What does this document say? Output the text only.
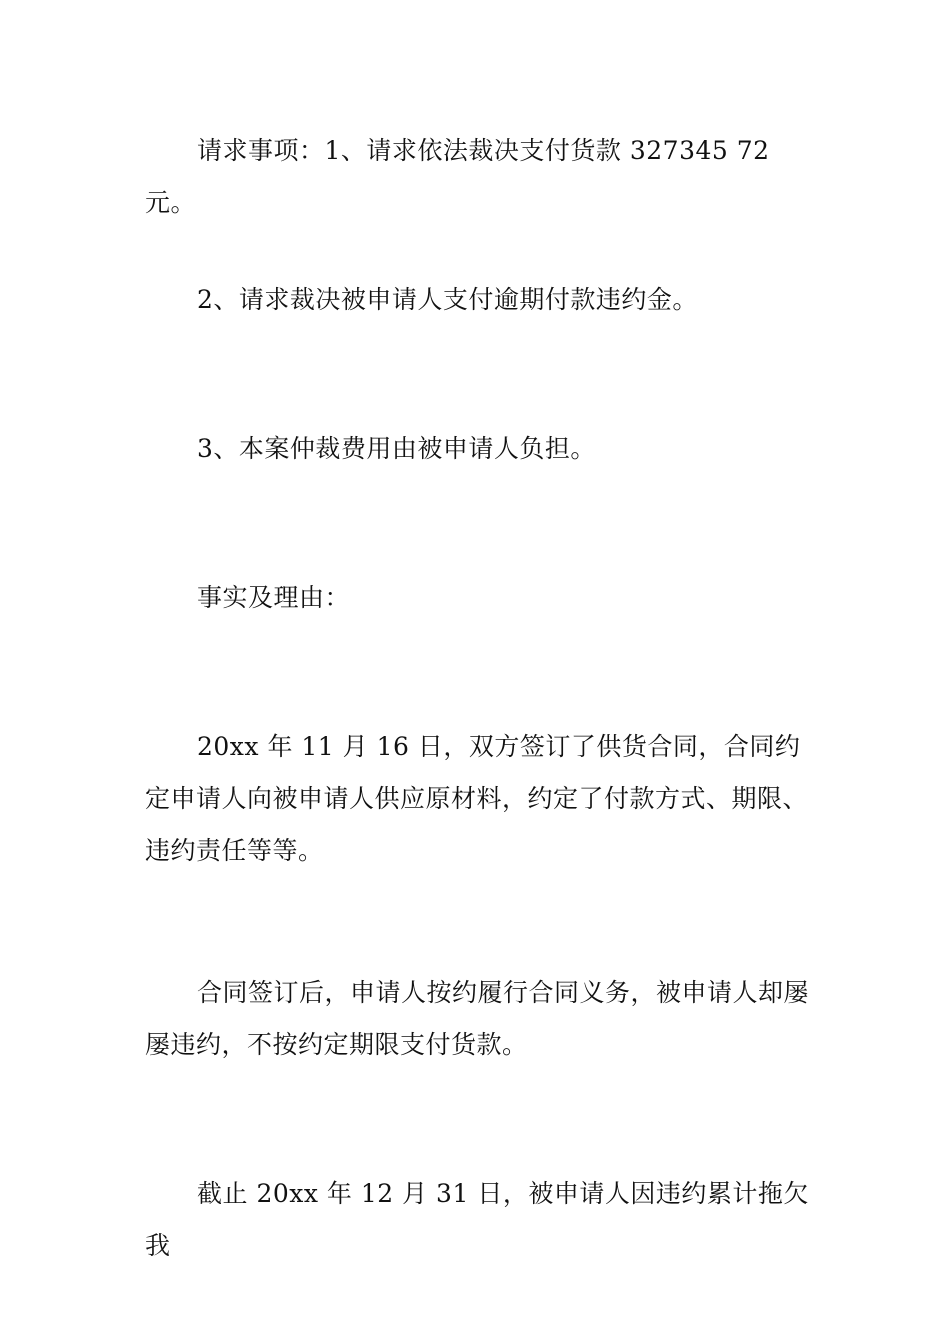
请求事项：1、请求依法裁决支付货款 327345 72 元。

2、请求裁决被申请人支付逾期付款违约金。

3、本案仲裁费用由被申请人负担。

事实及理由：

20xx 年 11 月 16 日，双方签订了供货合同，合同约定申请人向被申请人供应原材料，约定了付款方式、期限、违约责任等等。

合同签订后，申请人按约履行合同义务，被申请人却屡屡违约，不按约定期限支付货款。

截止 20xx 年 12 月 31 日，被申请人因违约累计拖欠我
